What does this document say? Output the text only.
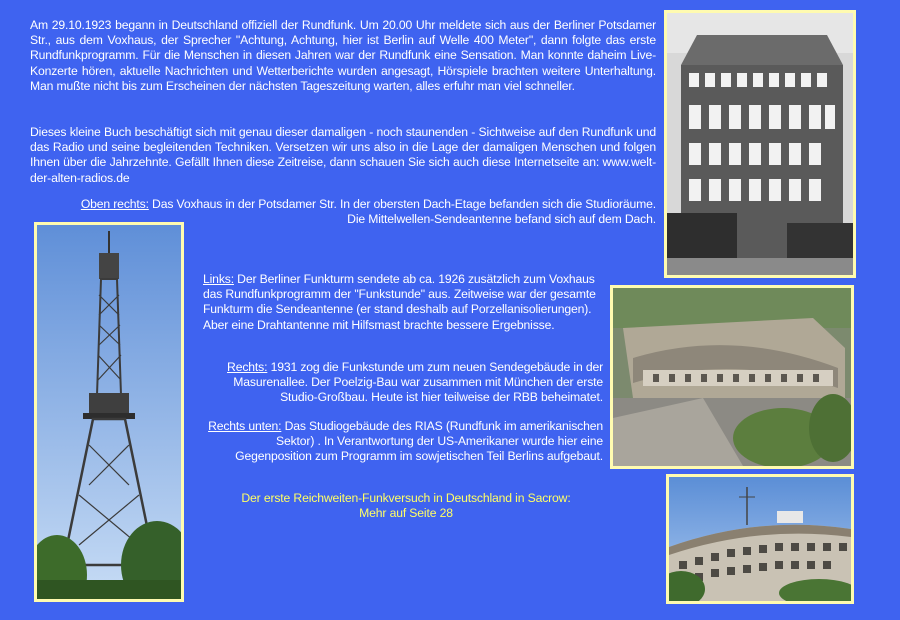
Am 29.10.1923 begann in Deutschland offiziell der Rundfunk. Um 20.00 Uhr meldete sich aus der Berliner Potsdamer Str., aus dem Voxhaus, der Sprecher "Achtung, Achtung, hier ist Berlin auf Welle 400 Meter", dann folgte das erste Rundfunkprogramm. Für die Menschen in diesen Jahren war der Rundfunk eine Sensation. Man konnte daheim Live-Konzerte hören, aktuelle Nachrichten und Wetterberichte wurden angesagt, Hörspiele brachten weitere Unterhaltung. Man mußte nicht bis zum Erscheinen der nächsten Tageszeitung warten, alles erfuhr man viel schneller.
Dieses kleine Buch beschäftigt sich mit genau dieser damaligen - noch staunenden - Sichtweise auf den Rundfunk und das Radio und seine begleitenden Techniken. Versetzen wir uns also in die Lage der damaligen Menschen und folgen Ihnen über die Jahrzehnte. Gefällt Ihnen diese Zeitreise, dann schauen Sie sich auch diese Internetseite an: www.welt-der-alten-radios.de
Oben rechts: Das Voxhaus in der Potsdamer Str. In der obersten Dach-Etage befanden sich die Studioräume. Die Mittelwellen-Sendeantenne befand sich auf dem Dach.
Links: Der Berliner Funkturm sendete ab ca. 1926 zusätzlich zum Voxhaus das Rundfunkprogramm der "Funkstunde" aus. Zeitweise war der gesamte Funkturm die Sendeantenne (er stand deshalb auf Porzellanisolierungen). Aber eine Drahtantenne mit Hilfsmast brachte bessere Ergebnisse.
Rechts: 1931 zog die Funkstunde um zum neuen Sendegebäude in der Masurenallee. Der Poelzig-Bau war zusammen mit München der erste Studio-Großbau. Heute ist hier teilweise der RBB beheimatet.
Rechts unten: Das Studiogebäude des RIAS (Rundfunk im amerikanischen Sektor) . In Verantwortung der US-Amerikaner wurde hier eine Gegenposition zum Programm im sowjetischen Teil Berlins aufgebaut.
Der erste Reichweiten-Funkversuch in Deutschland in Sacrow:
Mehr auf Seite 28
